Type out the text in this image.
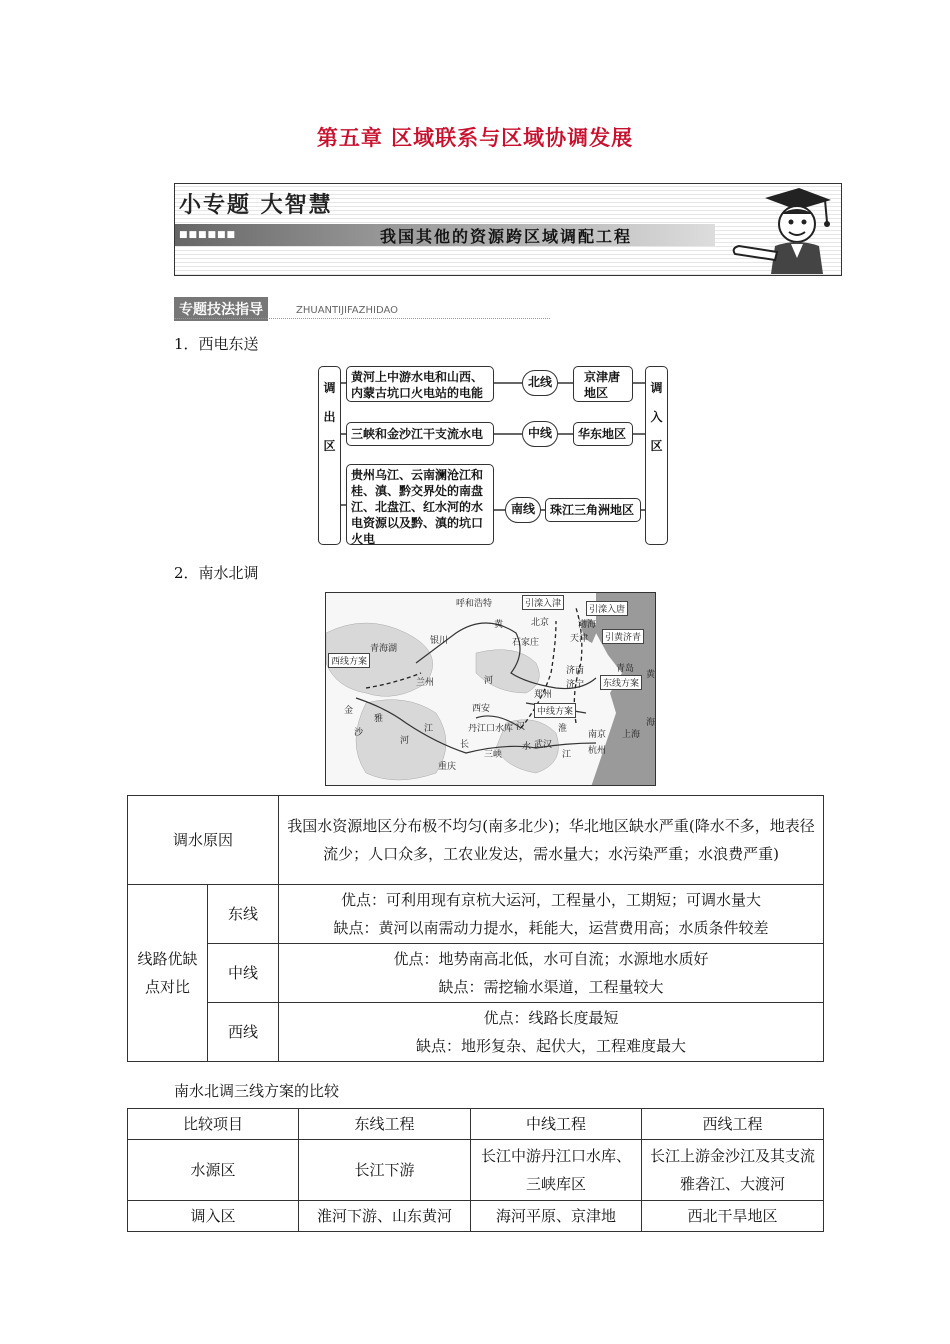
第五章 区域联系与区域协调发展
小专题 大智慧
■■■■■■	我国其他的资源跨区域调配工程
专题技法指导	ZHUANTIJIFAZHIDAO
1．西电东送
调
出
区
调
入
区
黄河上中游水电和山西、内蒙古坑口火电站的电能
北线	京津唐地区
三峡和金沙江干支流水电	中线	华东地区
贵州乌江、云南澜沧江和桂、滇、黔交界处的南盘江、北盘江、红水河的水电资源以及黔、滇的坑口火电
南线	珠江三角洲地区
2．南水北调
呼和浩特
北京
天津
石家庄
济南	青岛
济宁
郑州
西安
兰州
银川
青海湖
重庆
武汉
南京
杭州
上海
丹江口水库
三峡
引滦入津
引滦入唐
引黄济青
西线方案
中线方案
东线方案
渤海
黄
河
汉
水
淮
长
江
雅
金
沙
河
江
黄
海
调水原因		我国水资源地区分布极不均匀(南多北少)；华北地区缺水严重(降水不多，地表径流少；人口众多，工农业发达，需水量大；水污染严重；水浪费严重)
线路优缺点对比	东线	优点：可利用现有京杭大运河，工程量小，工期短；可调水量大
缺点：黄河以南需动力提水，耗能大，运营费用高；水质条件较差

	中线	优点：地势南高北低，水可自流；水源地水质好
缺点：需挖输水渠道，工程量较大

	西线	优点：线路长度最短
缺点：地形复杂、起伏大，工程难度最大
南水北调三线方案的比较
比较项目	东线工程	中线工程	西线工程
水源区	长江下游	长江中游丹江口水库、三峡库区	长江上游金沙江及其支流雅砻江、大渡河
调入区	淮河下游、山东黄河	海河平原、京津地	西北干旱地区
